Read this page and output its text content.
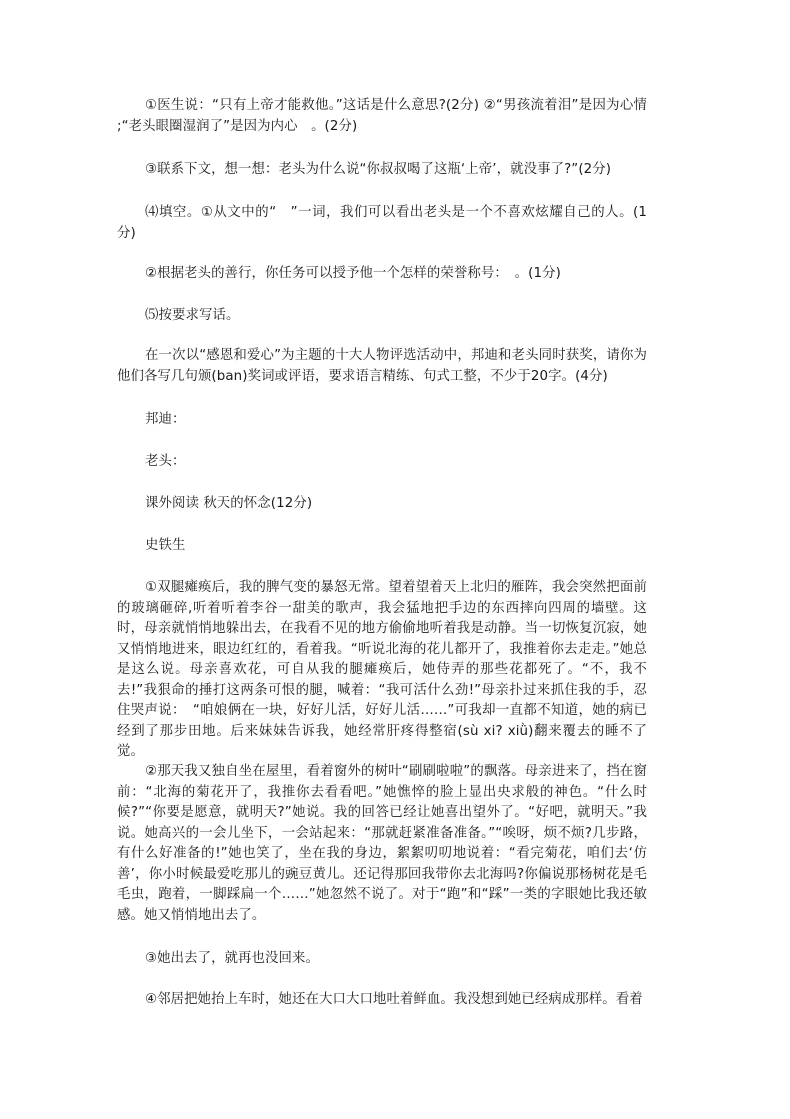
①医生说：“只有上帝才能救他。”这话是什么意思?(2分) ②“男孩流着泪”是因为心情 ;“老头眼圈湿润了”是因为内心　。(2分)

③联系下文，想一想：老头为什么说“你叔叔喝了这瓶‘上帝’，就没事了?”(2分)

⑷填空。①从文中的“　”一词，我们可以看出老头是一个不喜欢炫耀自己的人。(1分)

②根据老头的善行，你任务可以授予他一个怎样的荣誉称号：　。(1分)

⑸按要求写话。

在一次以“感恩和爱心”为主题的十大人物评选活动中，邦迪和老头同时获奖，请你为他们各写几句颁(ban)奖词或评语，要求语言精练、句式工整，不少于20字。(4分)

邦迪：

老头：

课外阅读 秋天的怀念(12分)

史铁生

①双腿瘫痪后，我的脾气变的暴怒无常。望着望着天上北归的雁阵，我会突然把面前的玻璃砸碎,听着听着李谷一甜美的歌声，我会猛地把手边的东西摔向四周的墙壁。这时，母亲就悄悄地躲出去，在我看不见的地方偷偷地听着我是动静。当一切恢复沉寂，她又悄悄地进来，眼边红红的，看着我。“听说北海的花儿都开了，我推着你去走走。”她总是这么说。母亲喜欢花，可自从我的腿瘫痪后，她侍弄的那些花都死了。“不，我不去!”我狠命的捶打这两条可恨的腿，喊着：“我可活什么劲!”母亲扑过来抓住我的手，忍住哭声说：　“咱娘俩在一块，好好儿活，好好儿活……”可我却一直都不知道，她的病已经到了那步田地。后来妹妹告诉我，她经常肝疼得整宿(sù xi? xiǜ)翻来覆去的睡不了觉。

②那天我又独自坐在屋里，看着窗外的树叶“刷刷啦啦”的飘落。母亲进来了，挡在窗前：“北海的菊花开了，我推你去看看吧。”她憔悴的脸上显出央求般的神色。“什么时候?”“你要是愿意，就明天?”她说。我的回答已经让她喜出望外了。“好吧，就明天。”我说。她高兴的一会儿坐下，一会站起来：“那就赶紧准备准备。”“唉呀，烦不烦?几步路，有什么好准备的!”她也笑了，坐在我的身边，絮絮叨叨地说着：“看完菊花，咱们去‘仿善’，你小时候最爱吃那儿的豌豆黄儿。还记得那回我带你去北海吗?你偏说那杨树花是毛毛虫，跑着，一脚踩扁一个……”她忽然不说了。对于“跑”和“踩”一类的字眼她比我还敏感。她又悄悄地出去了。

③她出去了，就再也没回来。

④邻居把她抬上车时，她还在大口大口地吐着鲜血。我没想到她已经病成那样。看着
